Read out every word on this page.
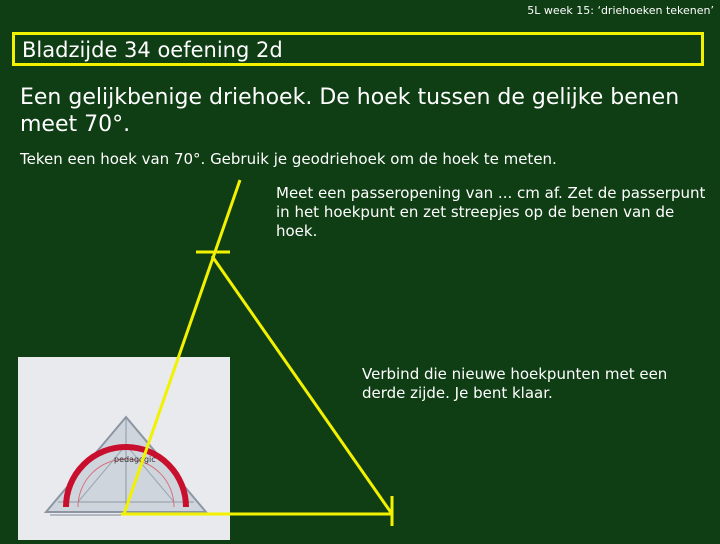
5L week 15: ‘driehoeken tekenen’
Bladzijde 34 oefening 2d
Een gelijkbenige driehoek. De hoek tussen de gelijke benen meet 70°.
Teken een hoek van 70°. Gebruik je geodriehoek om de hoek te meten.
Meet een passeropening van ... cm af. Zet de passerpunt in het hoekpunt en zet streepjes op de benen van de hoek.
pedagogic
Verbind die nieuwe hoekpunten met een derde zijde. Je bent klaar.
